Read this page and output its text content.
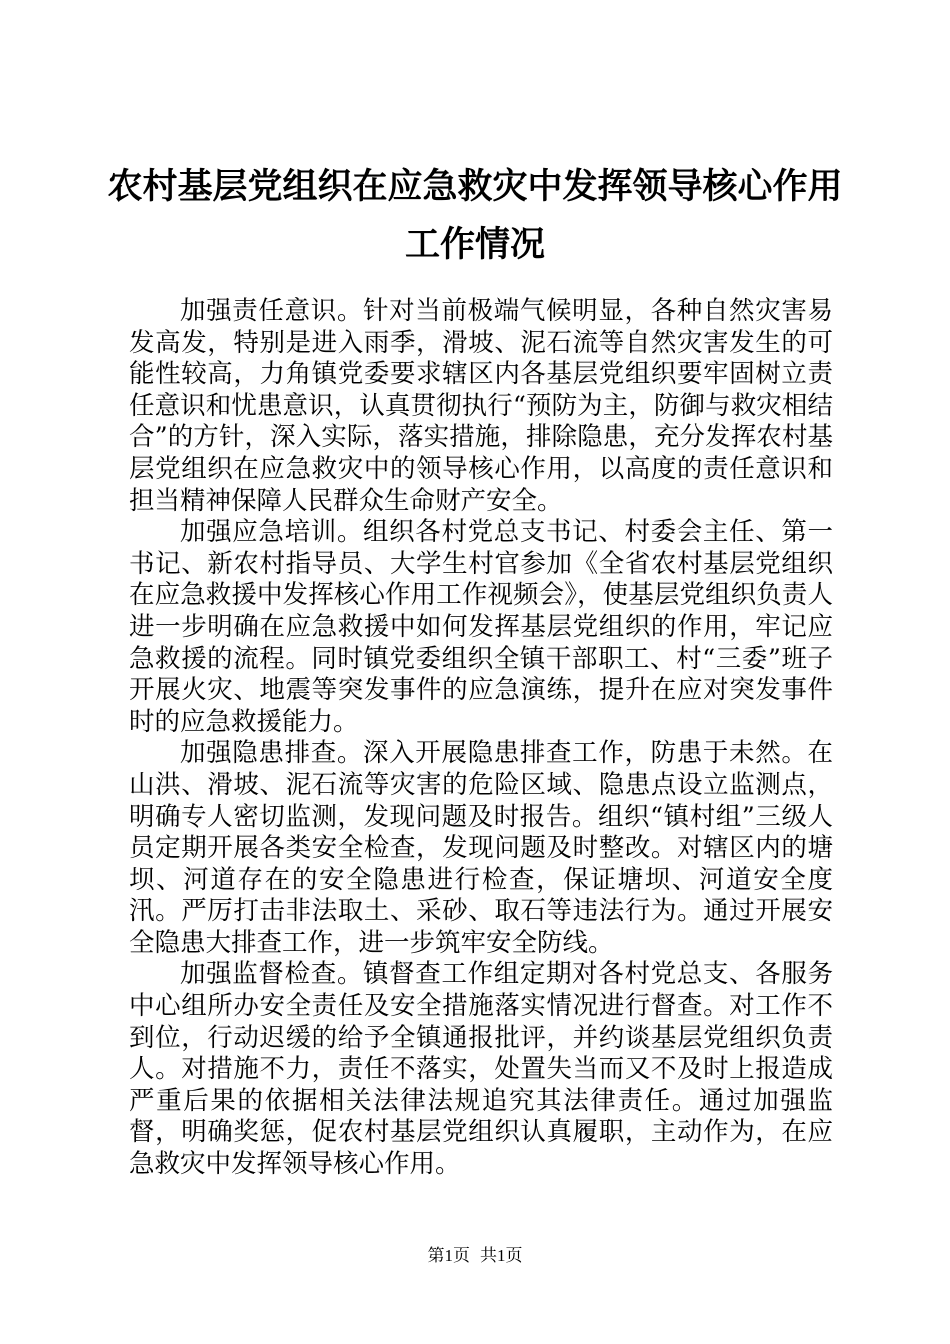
农村基层党组织在应急救灾中发挥领导核心作用工作情况

加强责任意识。针对当前极端气候明显，各种自然灾害易发高发，特别是进入雨季，滑坡、泥石流等自然灾害发生的可能性较高，力角镇党委要求辖区内各基层党组织要牢固树立责任意识和忧患意识，认真贯彻执行“预防为主，防御与救灾相结合”的方针，深入实际，落实措施，排除隐患，充分发挥农村基层党组织在应急救灾中的领导核心作用，以高度的责任意识和担当精神保障人民群众生命财产安全。

加强应急培训。组织各村党总支书记、村委会主任、第一书记、新农村指导员、大学生村官参加《全省农村基层党组织在应急救援中发挥核心作用工作视频会》，使基层党组织负责人进一步明确在应急救援中如何发挥基层党组织的作用，牢记应急救援的流程。同时镇党委组织全镇干部职工、村“三委”班子开展火灾、地震等突发事件的应急演练，提升在应对突发事件时的应急救援能力。

加强隐患排查。深入开展隐患排查工作，防患于未然。在山洪、滑坡、泥石流等灾害的危险区域、隐患点设立监测点，明确专人密切监测，发现问题及时报告。组织“镇村组”三级人员定期开展各类安全检查，发现问题及时整改。对辖区内的塘坝、河道存在的安全隐患进行检查，保证塘坝、河道安全度汛。严厉打击非法取土、采砂、取石等违法行为。通过开展安全隐患大排查工作，进一步筑牢安全防线。

加强监督检查。镇督查工作组定期对各村党总支、各服务中心组所办安全责任及安全措施落实情况进行督查。对工作不到位，行动迟缓的给予全镇通报批评，并约谈基层党组织负责人。对措施不力，责任不落实，处置失当而又不及时上报造成严重后果的依据相关法律法规追究其法律责任。通过加强监督，明确奖惩，促农村基层党组织认真履职，主动作为，在应急救灾中发挥领导核心作用。

第1页 共1页
